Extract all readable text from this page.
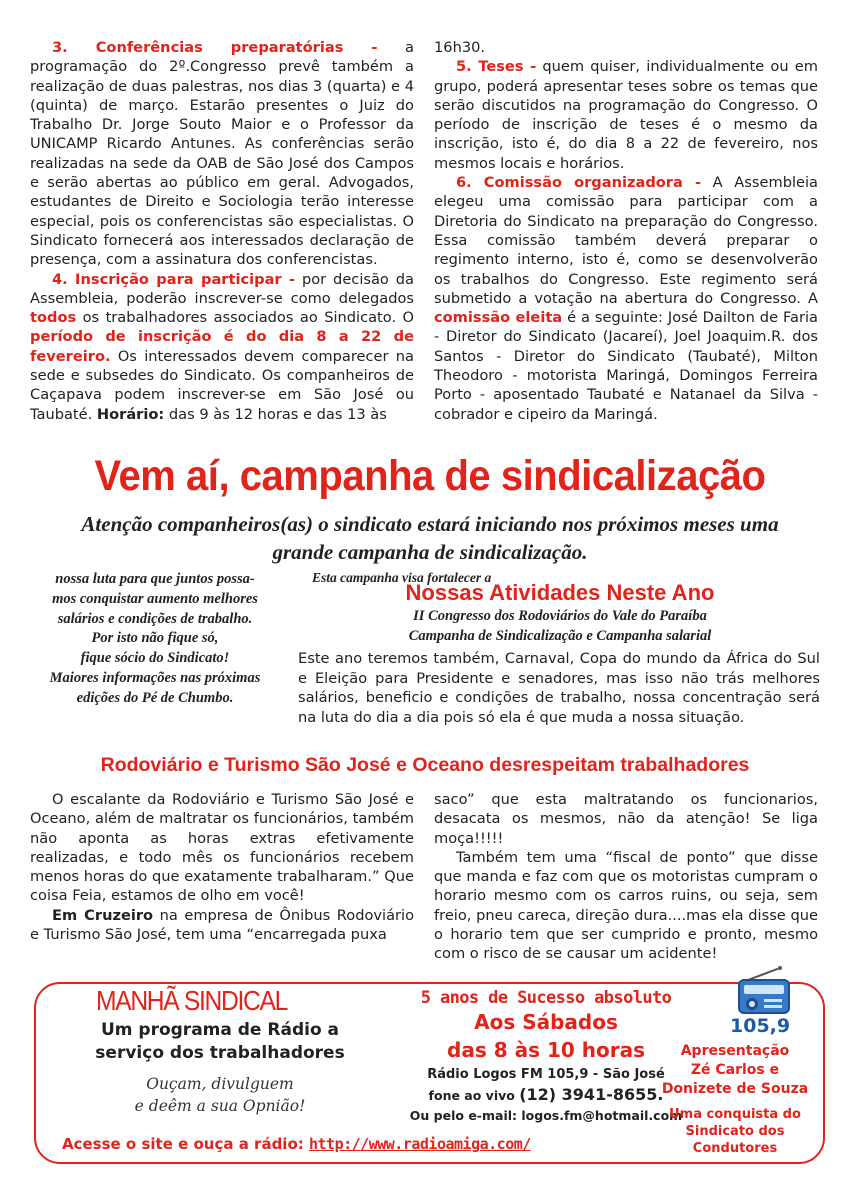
3. Conferências preparatórias - a programação do 2º.Congresso prevê também a realização de duas palestras, nos dias 3 (quarta) e 4 (quinta) de março. Estarão presentes o Juiz do Trabalho Dr. Jorge Souto Maior e o Professor da UNICAMP Ricardo Antunes. As conferências serão realizadas na sede da OAB de São José dos Campos e serão abertas ao público em geral. Advogados, estudantes de Direito e Sociologia terão interesse especial, pois os conferencistas são especialistas. O Sindicato fornecerá aos interessados declaração de presença, com a assinatura dos conferencistas.

4. Inscrição para participar - por decisão da Assembleia, poderão inscrever-se como delegados todos os trabalhadores associados ao Sindicato. O período de inscrição é do dia 8 a 22 de fevereiro. Os interessados devem comparecer na sede e subsedes do Sindicato. Os companheiros de Caçapava podem inscrever-se em São José ou Taubaté. Horário: das 9 às 12 horas e das 13 às

16h30.

5. Teses - quem quiser, individualmente ou em grupo, poderá apresentar teses sobre os temas que serão discutidos na programação do Congresso. O período de inscrição de teses é o mesmo da inscrição, isto é, do dia 8 a 22 de fevereiro, nos mesmos locais e horários.

6. Comissão organizadora - A Assembleia elegeu uma comissão para participar com a Diretoria do Sindicato na preparação do Congresso. Essa comissão também deverá preparar o regimento interno, isto é, como se desenvolverão os trabalhos do Congresso. Este regimento será submetido a votação na abertura do Congresso. A comissão eleita é a seguinte: José Dailton de Faria - Diretor do Sindicato (Jacareí), Joel Joaquim.R. dos Santos - Diretor do Sindicato (Taubaté), Milton Theodoro - motorista Maringá, Domingos Ferreira Porto - aposentado Taubaté e Natanael da Silva - cobrador e cipeiro da Maringá.

Vem aí, campanha de sindicalização
Atenção companheiros(as) o sindicato estará iniciando nos próximos meses uma grande campanha de sindicalização.
Esta campanha visa fortalecer a
nossa luta para que juntos possa-
mos conquistar aumento melhores
salários e condições de trabalho.
Por isto não fique só,
fique sócio do Sindicato!
Maiores informações nas próximas
edições do Pé de Chumbo.
Nossas Atividades Neste Ano
II Congresso dos Rodoviários do Vale do Paraíba
Campanha de Sindicalização e Campanha salarial
Este ano teremos também, Carnaval, Copa do mundo da África do Sul e Eleição para Presidente e senadores, mas isso não trás melhores salários, beneficio e condições de trabalho, nossa concentração será na luta do dia a dia pois só ela é que muda a nossa situação.
Rodoviário e Turismo São José e Oceano desrespeitam trabalhadores

O escalante da Rodoviário e Turismo São José e Oceano, além de maltratar os funcionários, também não aponta as horas extras efetivamente realizadas, e todo mês os funcionários recebem menos horas do que exatamente trabalharam.” Que coisa Feia, estamos de olho em você!

Em Cruzeiro na empresa de Ônibus Rodoviário e Turismo São José, tem uma “encarregada puxa

saco” que esta maltratando os funcionarios, desacata os mesmos, não da atenção! Se liga moça!!!!!

Também tem uma “fiscal de ponto” que disse que manda e faz com que os motoristas cumpram o horario mesmo com os carros ruins, ou seja, sem freio, pneu careca, direção dura....mas ela disse que o horario tem que ser cumprido e pronto, mesmo com o risco de se causar um acidente!

MANHÃ SINDICAL
Um programa de Rádio a serviço dos trabalhadores
Ouçam, divulguem
e deêm a sua Opnião!
5 anos de Sucesso absoluto
Aos Sábados
das 8 às 10 horas
Rádio Logos FM 105,9 - São José
fone ao vivo (12) 3941-8655.
Ou pelo e-mail: logos.fm@hotmail.com
105,9
Apresentação
Zé Carlos e
Donizete de Souza
Uma conquista do
Sindicato dos Condutores
Acesse o site e ouça a rádio: http://www.radioamiga.com/
